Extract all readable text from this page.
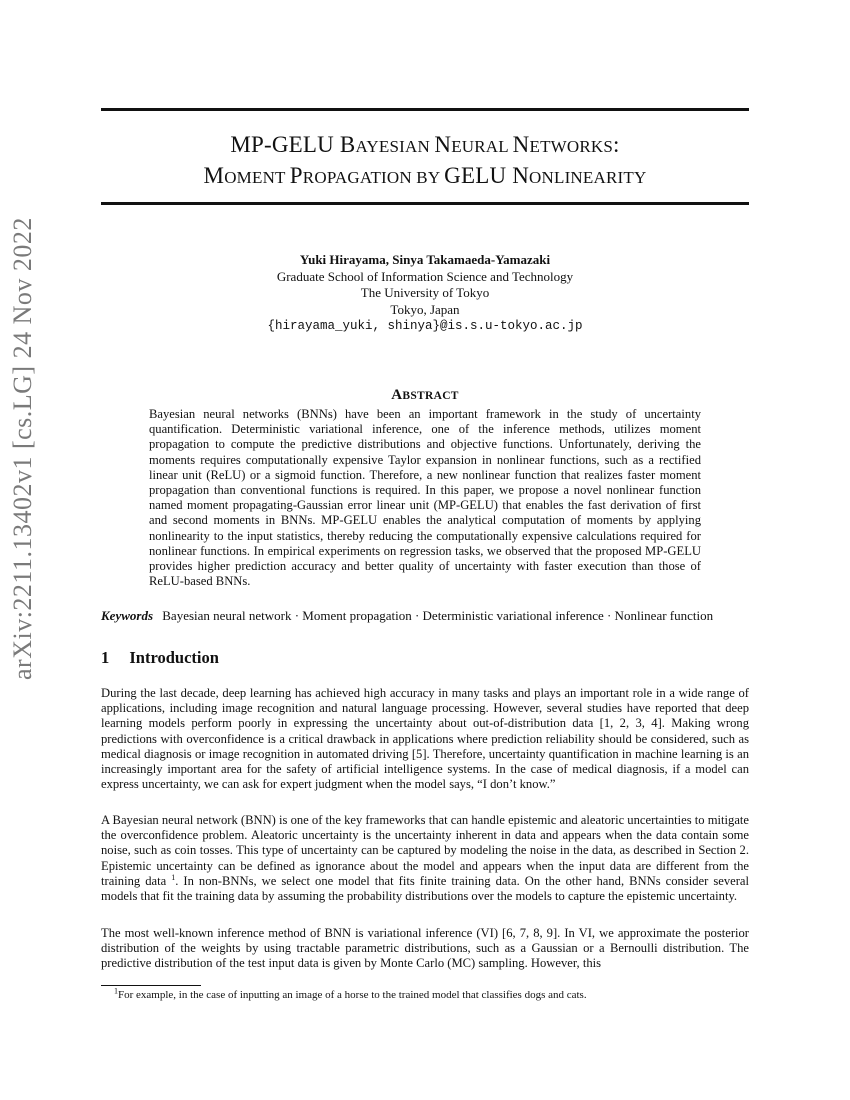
arXiv:2211.13402v1 [cs.LG] 24 Nov 2022
MP-GELU BAYESIAN NEURAL NETWORKS:
MOMENT PROPAGATION BY GELU NONLINEARITY
Yuki Hirayama, Sinya Takamaeda-Yamazaki
Graduate School of Information Science and Technology
The University of Tokyo
Tokyo, Japan
{hirayama_yuki, shinya}@is.s.u-tokyo.ac.jp
ABSTRACT
Bayesian neural networks (BNNs) have been an important framework in the study of uncertainty quantification. Deterministic variational inference, one of the inference methods, utilizes moment propagation to compute the predictive distributions and objective functions. Unfortunately, deriving the moments requires computationally expensive Taylor expansion in nonlinear functions, such as a rectified linear unit (ReLU) or a sigmoid function. Therefore, a new nonlinear function that realizes faster moment propagation than conventional functions is required. In this paper, we propose a novel nonlinear function named moment propagating-Gaussian error linear unit (MP-GELU) that enables the fast derivation of first and second moments in BNNs. MP-GELU enables the analytical computation of moments by applying nonlinearity to the input statistics, thereby reducing the computationally expensive calculations required for nonlinear functions. In empirical experiments on regression tasks, we observed that the proposed MP-GELU provides higher prediction accuracy and better quality of uncertainty with faster execution than those of ReLU-based BNNs.
Keywords Bayesian neural network · Moment propagation · Deterministic variational inference · Nonlinear function
1 Introduction
During the last decade, deep learning has achieved high accuracy in many tasks and plays an important role in a wide range of applications, including image recognition and natural language processing. However, several studies have reported that deep learning models perform poorly in expressing the uncertainty about out-of-distribution data [1, 2, 3, 4]. Making wrong predictions with overconfidence is a critical drawback in applications where prediction reliability should be considered, such as medical diagnosis or image recognition in automated driving [5]. Therefore, uncertainty quantification in machine learning is an increasingly important area for the safety of artificial intelligence systems. In the case of medical diagnosis, if a model can express uncertainty, we can ask for expert judgment when the model says, “I don’t know.”
A Bayesian neural network (BNN) is one of the key frameworks that can handle epistemic and aleatoric uncertainties to mitigate the overconfidence problem. Aleatoric uncertainty is the uncertainty inherent in data and appears when the data contain some noise, such as coin tosses. This type of uncertainty can be captured by modeling the noise in the data, as described in Section 2. Epistemic uncertainty can be defined as ignorance about the model and appears when the input data are different from the training data $^1$. In non-BNNs, we select one model that fits finite training data. On the other hand, BNNs consider several models that fit the training data by assuming the probability distributions over the models to capture the epistemic uncertainty.
The most well-known inference method of BNN is variational inference (VI) [6, 7, 8, 9]. In VI, we approximate the posterior distribution of the weights by using tractable parametric distributions, such as a Gaussian or a Bernoulli distribution. The predictive distribution of the test input data is given by Monte Carlo (MC) sampling. However, this
$^1$For example, in the case of inputting an image of a horse to the trained model that classifies dogs and cats.
